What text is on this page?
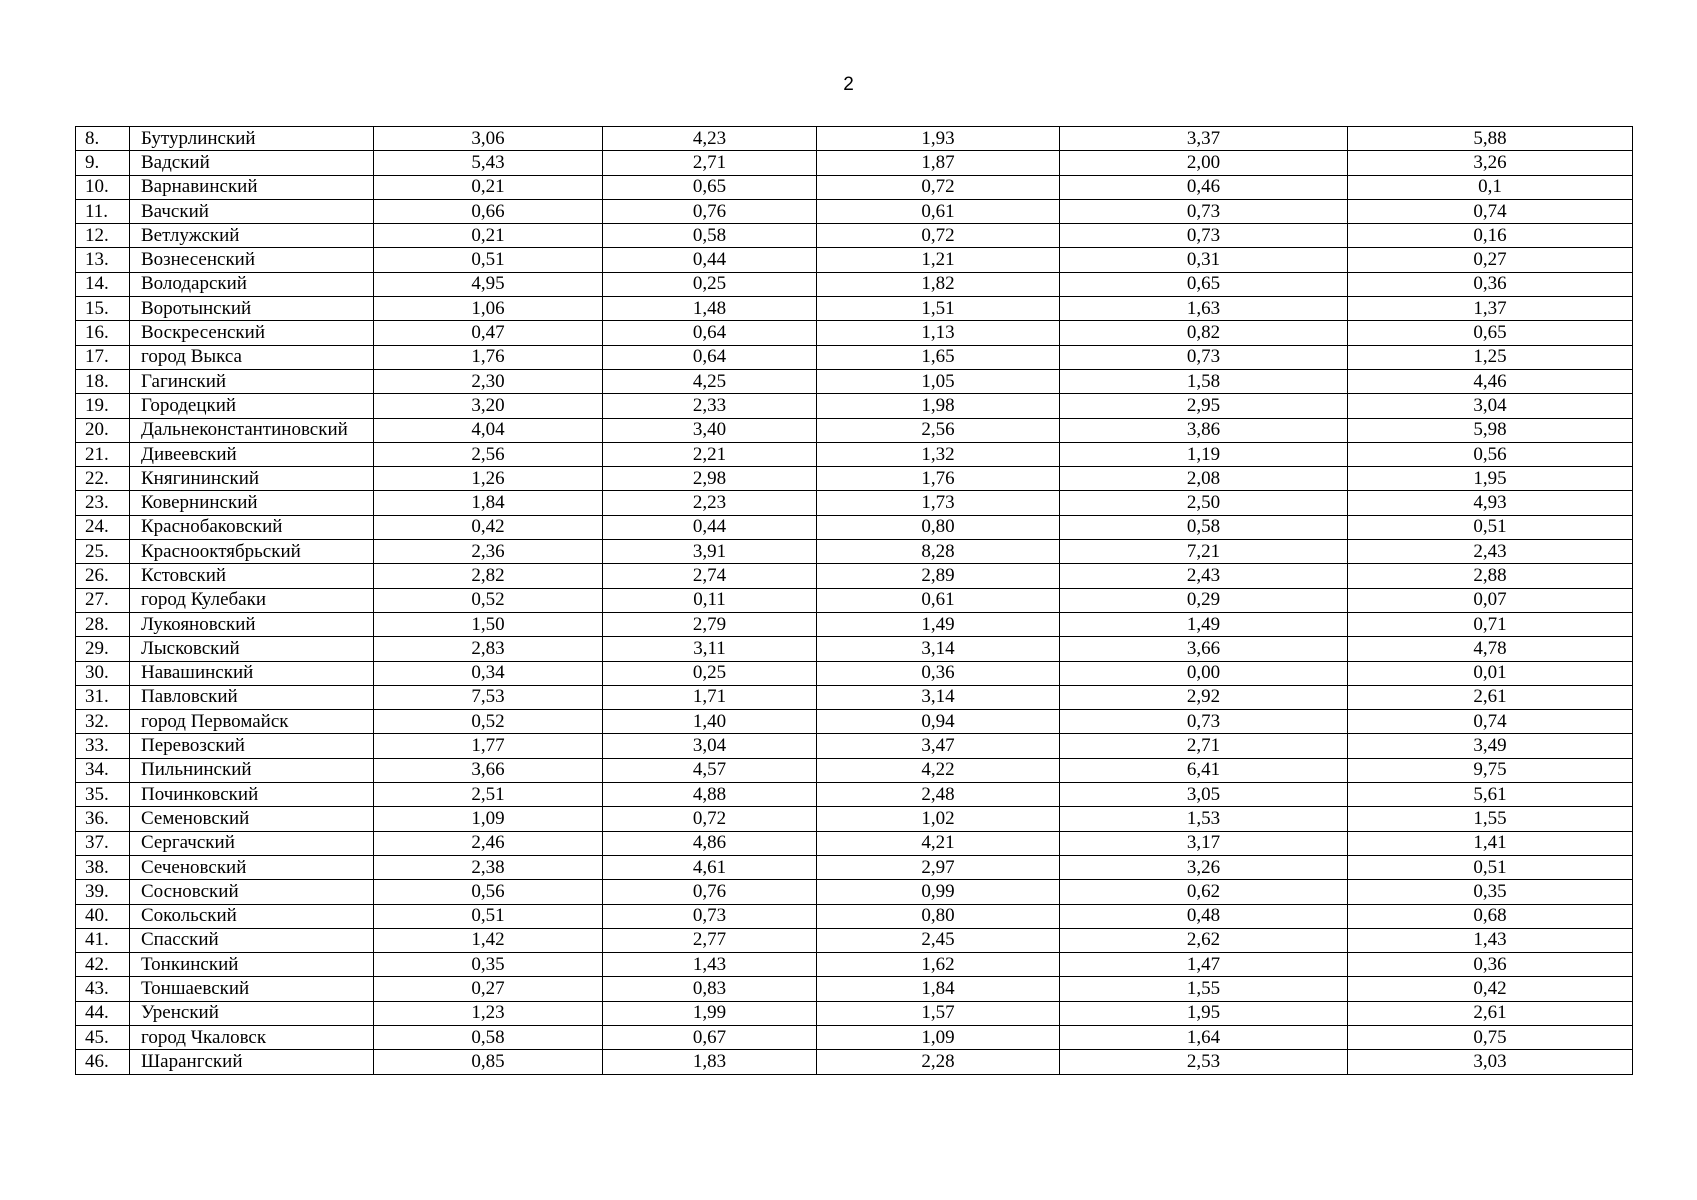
2
8.	Бутурлинский	3,06	4,23	1,93	3,37	5,88
9.	Вадский	5,43	2,71	1,87	2,00	3,26
10.	Варнавинский	0,21	0,65	0,72	0,46	0,1
11.	Вачский	0,66	0,76	0,61	0,73	0,74
12.	Ветлужский	0,21	0,58	0,72	0,73	0,16
13.	Вознесенский	0,51	0,44	1,21	0,31	0,27
14.	Володарский	4,95	0,25	1,82	0,65	0,36
15.	Воротынский	1,06	1,48	1,51	1,63	1,37
16.	Воскресенский	0,47	0,64	1,13	0,82	0,65
17.	город Выкса	1,76	0,64	1,65	0,73	1,25
18.	Гагинский	2,30	4,25	1,05	1,58	4,46
19.	Городецкий	3,20	2,33	1,98	2,95	3,04
20.	Дальнеконстантиновский	4,04	3,40	2,56	3,86	5,98
21.	Дивеевский	2,56	2,21	1,32	1,19	0,56
22.	Княгининский	1,26	2,98	1,76	2,08	1,95
23.	Ковернинский	1,84	2,23	1,73	2,50	4,93
24.	Краснобаковский	0,42	0,44	0,80	0,58	0,51
25.	Краснооктябрьский	2,36	3,91	8,28	7,21	2,43
26.	Кстовский	2,82	2,74	2,89	2,43	2,88
27.	город Кулебаки	0,52	0,11	0,61	0,29	0,07
28.	Лукояновский	1,50	2,79	1,49	1,49	0,71
29.	Лысковский	2,83	3,11	3,14	3,66	4,78
30.	Навашинский	0,34	0,25	0,36	0,00	0,01
31.	Павловский	7,53	1,71	3,14	2,92	2,61
32.	город Первомайск	0,52	1,40	0,94	0,73	0,74
33.	Перевозский	1,77	3,04	3,47	2,71	3,49
34.	Пильнинский	3,66	4,57	4,22	6,41	9,75
35.	Починковский	2,51	4,88	2,48	3,05	5,61
36.	Семеновский	1,09	0,72	1,02	1,53	1,55
37.	Сергачский	2,46	4,86	4,21	3,17	1,41
38.	Сеченовский	2,38	4,61	2,97	3,26	0,51
39.	Сосновский	0,56	0,76	0,99	0,62	0,35
40.	Сокольский	0,51	0,73	0,80	0,48	0,68
41.	Спасский	1,42	2,77	2,45	2,62	1,43
42.	Тонкинский	0,35	1,43	1,62	1,47	0,36
43.	Тоншаевский	0,27	0,83	1,84	1,55	0,42
44.	Уренский	1,23	1,99	1,57	1,95	2,61
45.	город Чкаловск	0,58	0,67	1,09	1,64	0,75
46.	Шарангский	0,85	1,83	2,28	2,53	3,03
